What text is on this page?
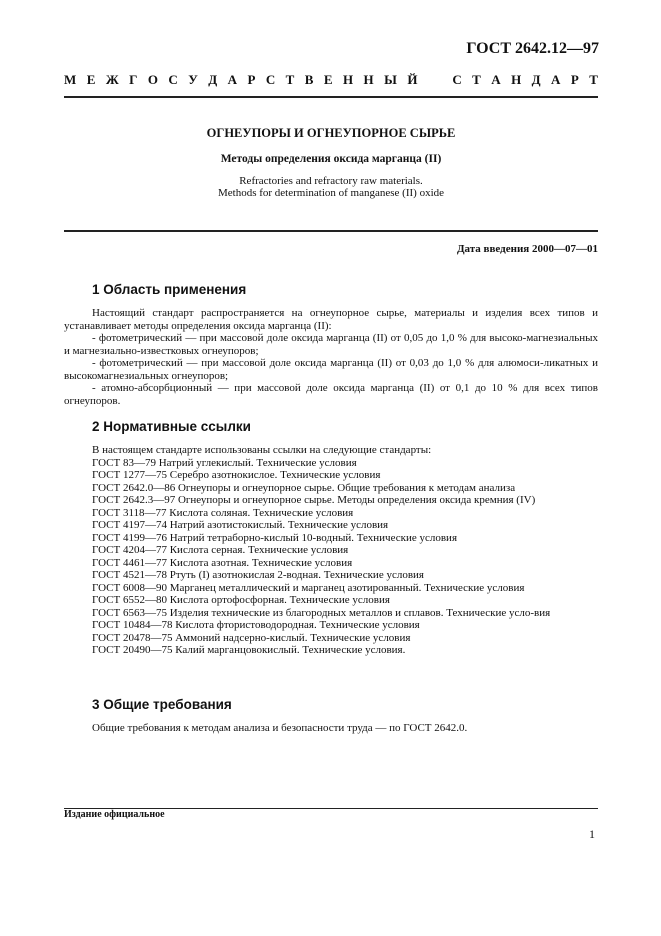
ГОСТ 2642.12—97
М Е Ж Г О С У Д А Р С Т В Е Н Н Ы Й	С Т А Н Д А Р Т
ОГНЕУПОРЫ И ОГНЕУПОРНОЕ СЫРЬЕ
Методы определения оксида марганца (II)
Refractories and refractory raw materials.
Methods for determination of manganese (II) oxide
Дата введения 2000—07—01
1 Область применения
Настоящий стандарт распространяется на огнеупорное сырье, материалы и изделия всех типов и устанавливает методы определения оксида марганца (II):
- фотометрический — при массовой доле оксида марганца (II) от 0,05 до 1,0 % для высоко-магнезиальных и магнезиально-известковых огнеупоров;
- фотометрический — при массовой доле оксида марганца (II) от 0,03 до 1,0 % для алюмоси-ликатных и высокомагнезиальных огнеупоров;
- атомно-абсорбционный — при массовой доле оксида марганца (II) от 0,1 до 10 % для всех типов огнеупоров.
2 Нормативные ссылки
В настоящем стандарте использованы ссылки на следующие стандарты:
ГОСТ 83—79 Натрий углекислый. Технические условия
ГОСТ 1277—75 Серебро азотнокислое. Технические условия
ГОСТ 2642.0—86 Огнеупоры и огнеупорное сырье. Общие требования к методам анализа
ГОСТ 2642.3—97 Огнеупоры и огнеупорное сырье. Методы определения оксида кремния (IV)
ГОСТ 3118—77 Кислота соляная. Технические условия
ГОСТ 4197—74 Натрий азотистокислый. Технические условия
ГОСТ 4199—76 Натрий тетраборно-кислый 10-водный. Технические условия
ГОСТ 4204—77 Кислота серная. Технические условия
ГОСТ 4461—77 Кислота азотная. Технические условия
ГОСТ 4521—78 Ртуть (I) азотнокислая 2-водная. Технические условия
ГОСТ 6008—90 Марганец металлический и марганец азотированный. Технические условия
ГОСТ 6552—80 Кислота ортофосфорная. Технические условия
ГОСТ 6563—75 Изделия технические из благородных металлов и сплавов. Технические усло-вия
ГОСТ 10484—78 Кислота фтористоводородная. Технические условия
ГОСТ 20478—75 Аммоний надсерно-кислый. Технические условия
ГОСТ 20490—75 Калий марганцовокислый. Технические условия.
3 Общие требования
Общие требования к методам анализа и безопасности труда — по ГОСТ 2642.0.
Издание официальное
1
